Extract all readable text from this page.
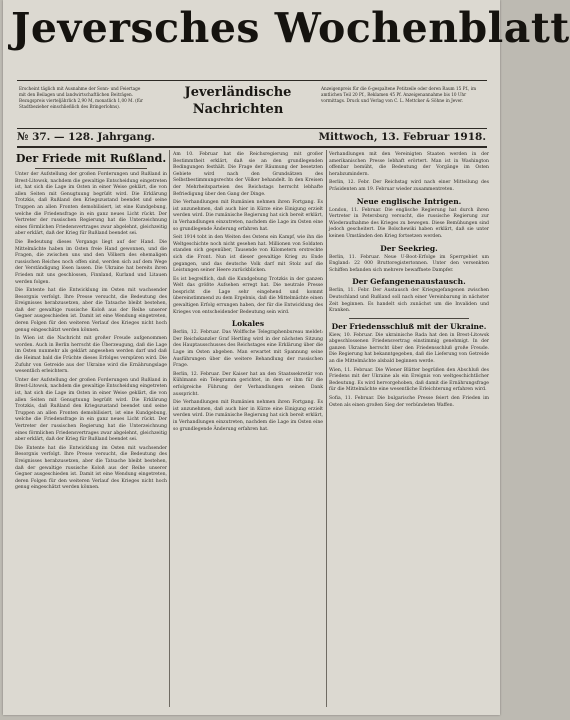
Jeversches Wochenblatt
Erscheint täglich mit Ausnahme der Sonn- und Feiertage mit den Beilagen und landwirtschaftlichen Beiträgen. Bezugspreis vierteljährlich 2,90 M, monatlich 1,00 M. (für Stadtbezieher einschließlich des Bringerlohns).
Jeverländische Nachrichten
Anzeigenpreis für die 6-gespaltene Petitzeile oder deren Raum 15 Pf., im amtlichen Teil 20 Pf., Reklamen 45 Pf. Anzeigenannahme bis 10 Uhr vormittags. Druck und Verlag von C. L. Mettcker & Söhne in Jever.
№ 37. — 128. Jahrgang.	Mittwoch, 13. Februar 1918.
Der Friede mit Rußland.

Unter der Aufstellung der großen Forderungen und Rußland in Brest-Litowsk, nachdem die gewaltige Entscheidung eingetreten ist, hat sich die Lage im Osten in einer Weise geklärt, die von allen Seiten mit Genugtuung begrüßt wird. Die Erklärung Trotzkis, daß Rußland den Kriegszustand beendet und seine Truppen an allen Fronten demobilisiert, ist eine Kundgebung, welche die Friedensfrage in ein ganz neues Licht rückt. Der Vertreter der russischen Regierung hat die Unterzeichnung eines förmlichen Friedensvertrages zwar abgelehnt, gleichzeitig aber erklärt, daß der Krieg für Rußland beendet sei.

Die Bedeutung dieses Vorgangs liegt auf der Hand. Die Mittelmächte haben im Osten freie Hand gewonnen, und die Fragen, die zwischen uns und den Völkern des ehemaligen russischen Reiches noch offen sind, werden sich auf dem Wege der Verständigung lösen lassen. Die Ukraine hat bereits ihren Frieden mit uns geschlossen, Finnland, Kurland und Litauen werden folgen.

Die Entente hat die Entwicklung im Osten mit wachsender Besorgnis verfolgt. Ihre Presse versucht, die Bedeutung des Ereignisses herabzusetzen, aber die Tatsache bleibt bestehen, daß der gewaltige russische Koloß aus der Reihe unserer Gegner ausgeschieden ist. Damit ist eine Wendung eingetreten, deren Folgen für den weiteren Verlauf des Krieges nicht hoch genug eingeschätzt werden können.

In Wien ist die Nachricht mit großer Freude aufgenommen worden. Auch in Berlin herrscht die Überzeugung, daß die Lage im Osten nunmehr als geklärt angesehen werden darf und daß die Heimat bald die Früchte dieses Erfolges verspüren wird. Die Zufuhr von Getreide aus der Ukraine wird die Ernährungslage wesentlich erleichtern.

Unter der Aufstellung der großen Forderungen und Rußland in Brest-Litowsk, nachdem die gewaltige Entscheidung eingetreten ist, hat sich die Lage im Osten in einer Weise geklärt, die von allen Seiten mit Genugtuung begrüßt wird. Die Erklärung Trotzkis, daß Rußland den Kriegszustand beendet und seine Truppen an allen Fronten demobilisiert, ist eine Kundgebung, welche die Friedensfrage in ein ganz neues Licht rückt. Der Vertreter der russischen Regierung hat die Unterzeichnung eines förmlichen Friedensvertrages zwar abgelehnt, gleichzeitig aber erklärt, daß der Krieg für Rußland beendet sei.

Die Entente hat die Entwicklung im Osten mit wachsender Besorgnis verfolgt. Ihre Presse versucht, die Bedeutung des Ereignisses herabzusetzen, aber die Tatsache bleibt bestehen, daß der gewaltige russische Koloß aus der Reihe unserer Gegner ausgeschieden ist. Damit ist eine Wendung eingetreten, deren Folgen für den weiteren Verlauf des Krieges nicht hoch genug eingeschätzt werden können.

Am 10. Februar hat die Reichsregierung mit großer Bestimmtheit erklärt, daß sie an den grundlegenden Bedingungen festhält. Die Frage der Räumung der besetzten Gebiete wird nach den Grundsätzen des Selbstbestimmungsrechts der Völker behandelt. In den Kreisen der Mehrheitsparteien des Reichstags herrscht lebhafte Befriedigung über den Gang der Dinge.

Die Verhandlungen mit Rumänien nehmen ihren Fortgang. Es ist anzunehmen, daß auch hier in Kürze eine Einigung erzielt werden wird. Die rumänische Regierung hat sich bereit erklärt, in Verhandlungen einzutreten, nachdem die Lage im Osten eine so grundlegende Änderung erfahren hat.

Seit 1914 tobt in den Weiten des Ostens ein Kampf, wie ihn die Weltgeschichte noch nicht gesehen hat. Millionen von Soldaten standen sich gegenüber, Tausende von Kilometern erstreckte sich die Front. Nun ist dieser gewaltige Krieg zu Ende gegangen, und das deutsche Volk darf mit Stolz auf die Leistungen seiner Heere zurückblicken.

Es ist begreiflich, daß die Kundgebung Trotzkis in der ganzen Welt das größte Aufsehen erregt hat. Die neutrale Presse bespricht die Lage sehr eingehend und kommt übereinstimmend zu dem Ergebnis, daß die Mittelmächte einen gewaltigen Erfolg errungen haben, der für die Entwicklung des Krieges von entscheidender Bedeutung sein wird.

Lokales

Berlin, 12. Februar. Das Wolffsche Telegraphenbureau meldet: Der Reichskanzler Graf Hertling wird in der nächsten Sitzung des Hauptausschusses des Reichstages eine Erklärung über die Lage im Osten abgeben. Man erwartet mit Spannung seine Ausführungen über die weitere Behandlung der russischen Frage.

Berlin, 12. Februar. Der Kaiser hat an den Staatssekretär von Kühlmann ein Telegramm gerichtet, in dem er ihm für die erfolgreiche Führung der Verhandlungen seinen Dank ausspricht.

Die Verhandlungen mit Rumänien nehmen ihren Fortgang. Es ist anzunehmen, daß auch hier in Kürze eine Einigung erzielt werden wird. Die rumänische Regierung hat sich bereit erklärt, in Verhandlungen einzutreten, nachdem die Lage im Osten eine so grundlegende Änderung erfahren hat.

Verhandlungen mit den Vereinigten Staaten werden in der amerikanischen Presse lebhaft erörtert. Man ist in Washington offenbar bemüht, die Bedeutung der Vorgänge im Osten herabzumindern.

Berlin, 12. Febr. Der Reichstag wird nach einer Mitteilung des Präsidenten am 19. Februar wieder zusammentreten.

Neue englische Intrigen.

London, 11. Februar. Die englische Regierung hat durch ihren Vertreter in Petersburg versucht, die russische Regierung zur Wiederaufnahme des Krieges zu bewegen. Diese Bemühungen sind jedoch gescheitert. Die Bolschewiki haben erklärt, daß sie unter keinen Umständen den Krieg fortsetzen werden.

Der Seekrieg.

Berlin, 11. Februar. Neue U-Boot-Erfolge im Sperrgebiet um England: 22 000 Bruttoregistertonnen. Unter den versenkten Schiffen befanden sich mehrere bewaffnete Dampfer.

Der Gefangenenaustausch.

Berlin, 11. Febr. Der Austausch der Kriegsgefangenen zwischen Deutschland und Rußland soll nach einer Vereinbarung in nächster Zeit beginnen. Es handelt sich zunächst um die Invaliden und Kranken.

Der Friedensschluß mit der Ukraine.

Kiew, 10. Februar. Die ukrainische Rada hat den in Brest-Litowsk abgeschlossenen Friedensvertrag einstimmig genehmigt. In der ganzen Ukraine herrscht über den Friedensschluß große Freude. Die Regierung hat bekanntgegeben, daß die Lieferung von Getreide an die Mittelmächte alsbald beginnen werde.

Wien, 11. Februar. Die Wiener Blätter begrüßen den Abschluß des Friedens mit der Ukraine als ein Ereignis von weltgeschichtlicher Bedeutung. Es wird hervorgehoben, daß damit die Ernährungsfrage für die Mittelmächte eine wesentliche Erleichterung erfahren wird.

Sofia, 11. Februar. Die bulgarische Presse feiert den Frieden im Osten als einen großen Sieg der verbündeten Waffen.
